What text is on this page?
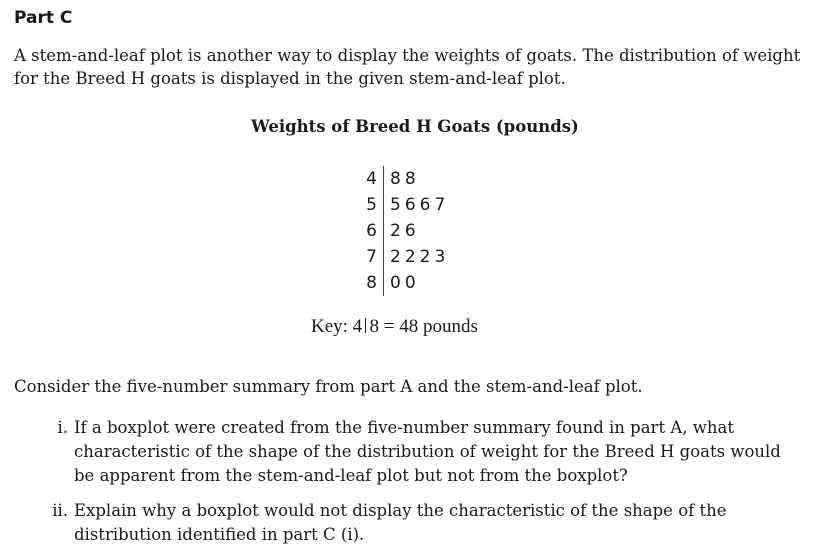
Part C
A stem-and-leaf plot is another way to display the weights of goats. The distribution of weight for the Breed H goats is displayed in the given stem-and-leaf plot.
Weights of Breed H Goats (pounds)
4 88
5 5667
6 26
7 2223
8 00
Key: 4 8 = 48 pounds
Consider the five-number summary from part A and the stem-and-leaf plot.
i. If a boxplot were created from the five-number summary found in part A, what characteristic of the shape of the distribution of weight for the Breed H goats would be apparent from the stem-and-leaf plot but not from the boxplot?
ii. Explain why a boxplot would not display the characteristic of the shape of the distribution identified in part C (i).
